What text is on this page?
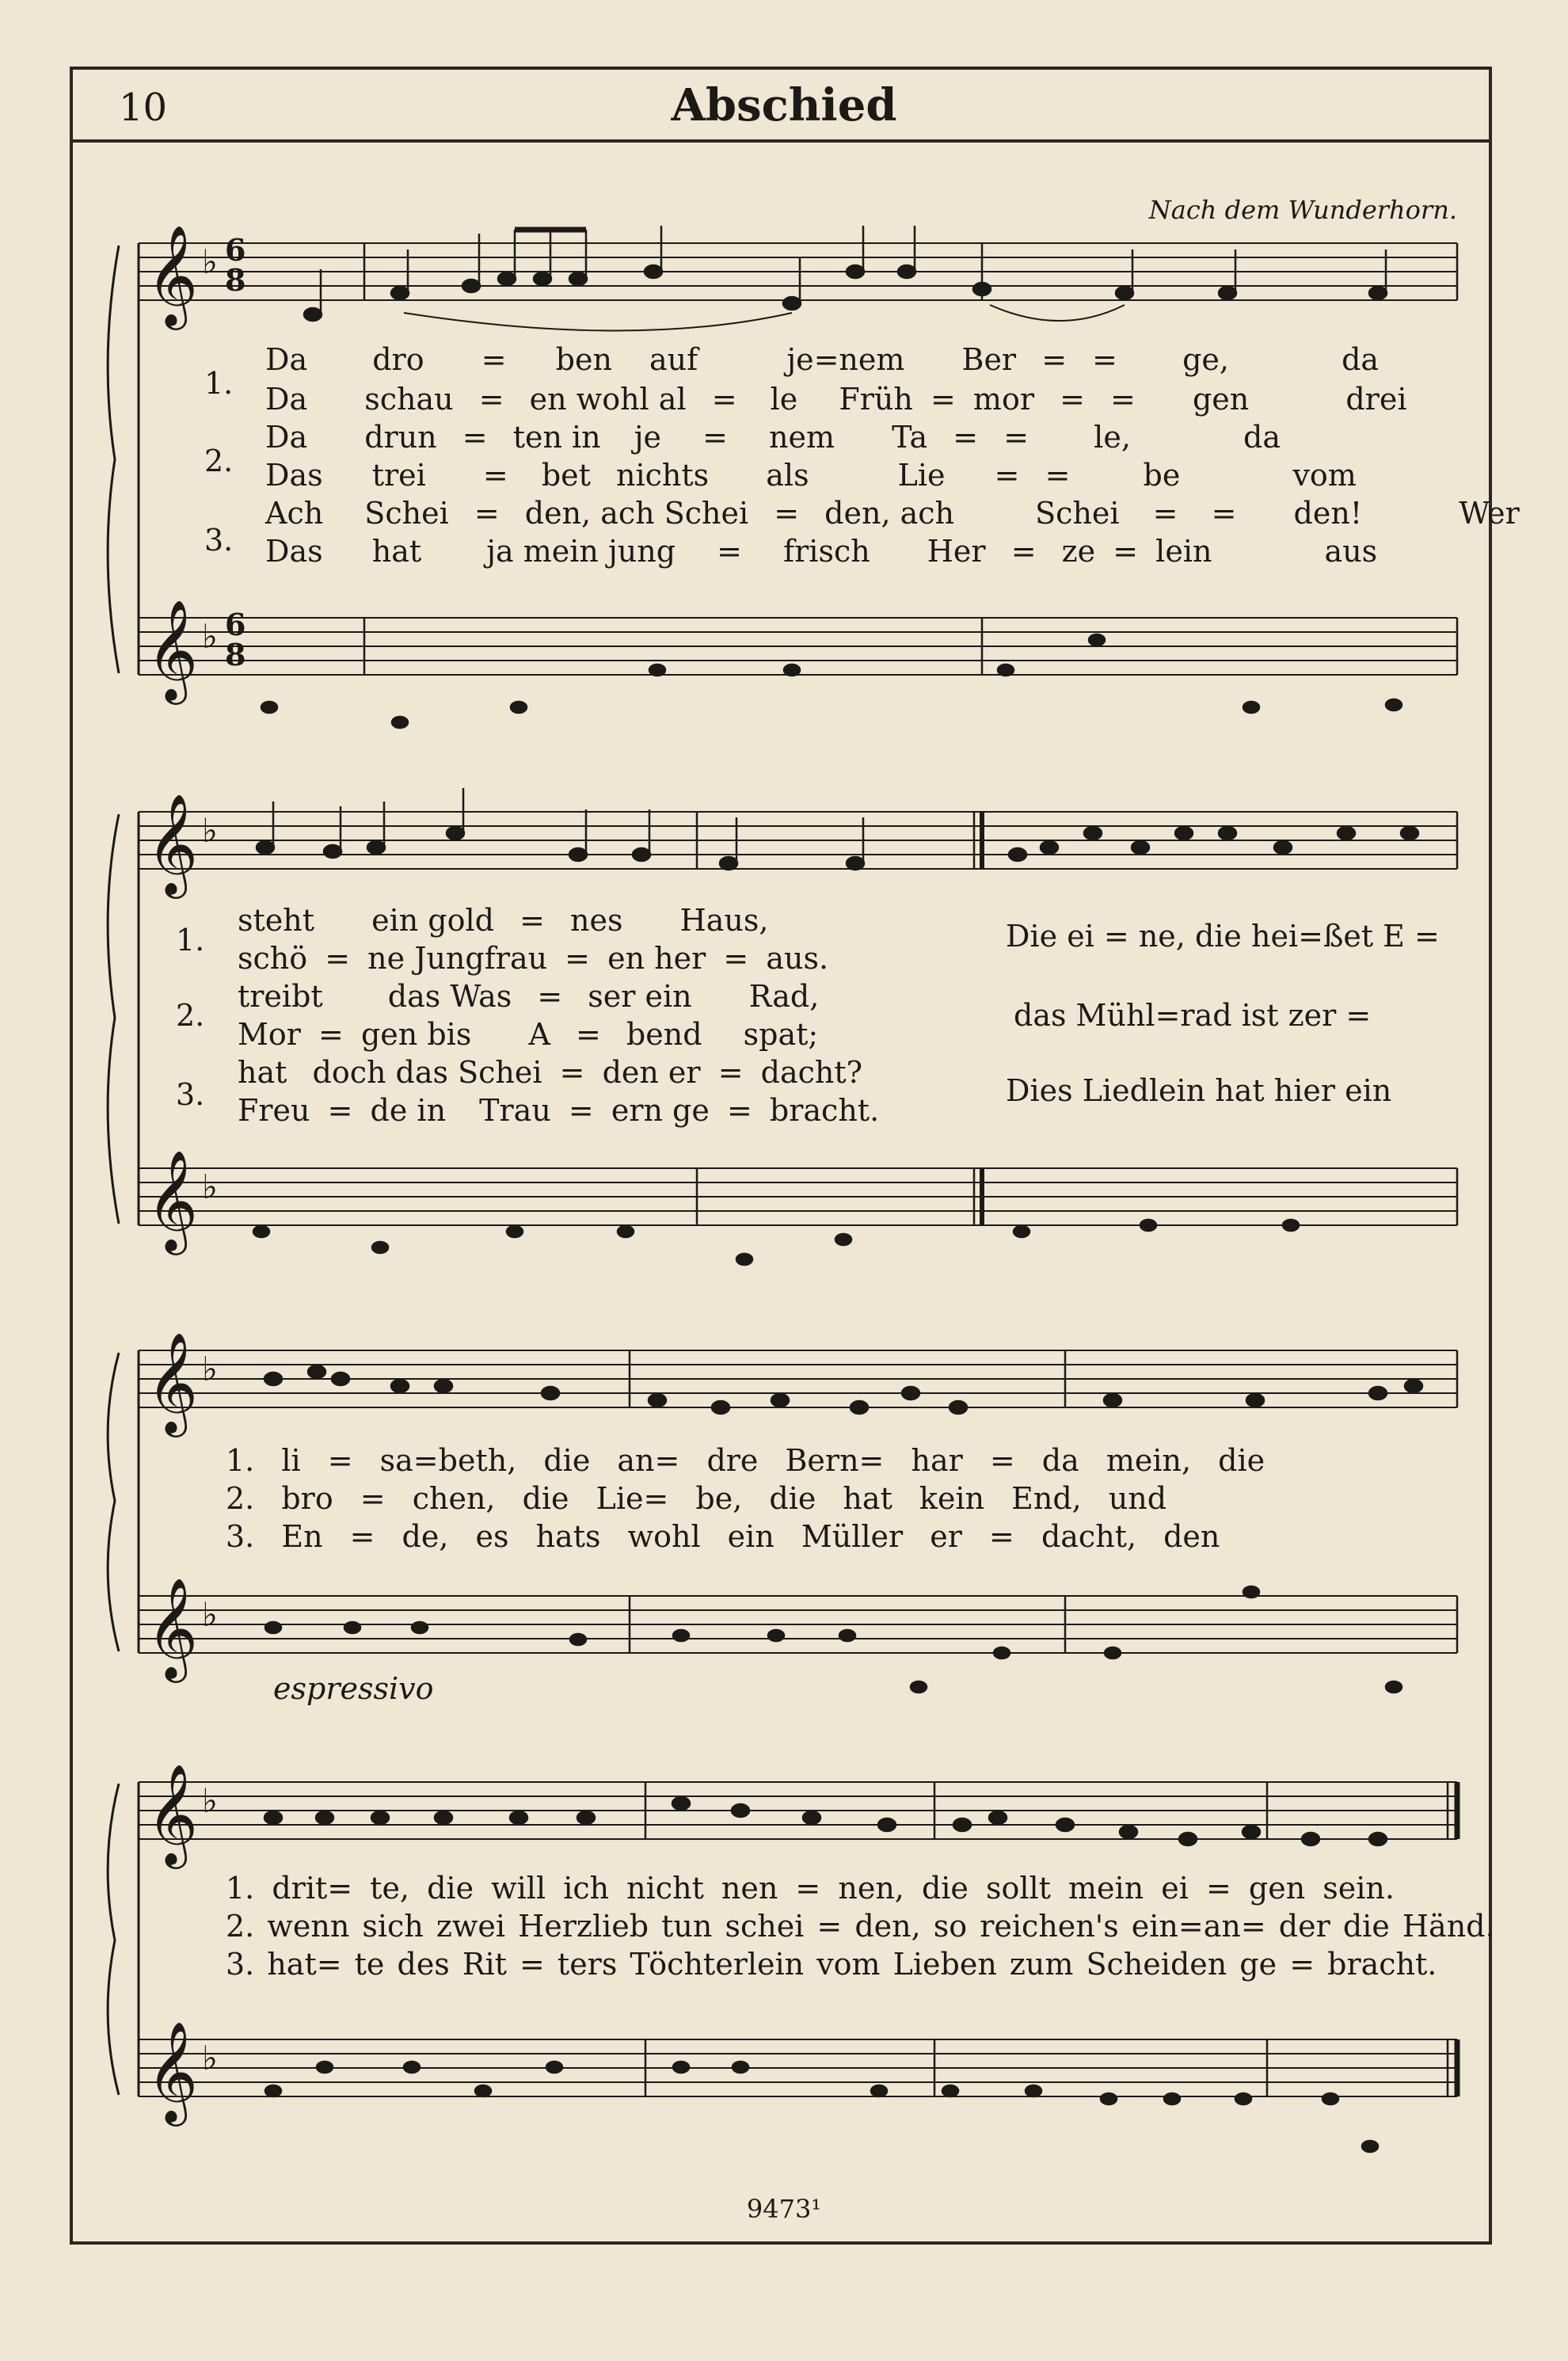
10	Abschied
Nach dem Wunderhorn.
𝄞
𝄞
𝄞
𝄞
𝄞
𝄞
𝄞
𝄞
♭
♭
♭
♭
♭
♭
♭
♭
6
8
6
8
1.
2.
3.
Da dro = ben auf	je=nem Ber = = ge,	da
Da schau = en wohl al = le Früh = mor = = gen	drei
Da drun = ten in je = nem Ta = = le,	da
Das trei = bet nichts als	Lie = = be	vom
Ach Schei = den, ach Schei = den, ach	Schei = = den!	Wer
Das hat ja mein jung = frisch Her = ze = lein	aus
1.
2.
3.
steht ein gold = nes Haus,
schö = ne Jungfrau = en her = aus.
treibt das Was = ser ein Rad,
Mor = gen bis A = bend spat;
hat doch das Schei = den er = dacht?
Freu = de in Trau = ern ge = bracht.
Die ei = ne, die hei=ßet E =
das Mühl=rad ist zer =
Dies Liedlein hat hier ein
1. li = sa=beth, die an= dre Bern= har = da mein, die
2. bro = chen, die Lie= be, die hat kein End, und
3. En = de, es hats wohl ein Müller er = dacht, den
espressivo
1. drit= te, die will ich nicht nen = nen, die sollt mein ei = gen sein.
2. wenn sich zwei Herzlieb tun schei = den, so reichen's ein=an= der die Händ.
3. hat= te des Rit = ters Töchterlein vom Lieben zum Scheiden ge = bracht.
9473¹
